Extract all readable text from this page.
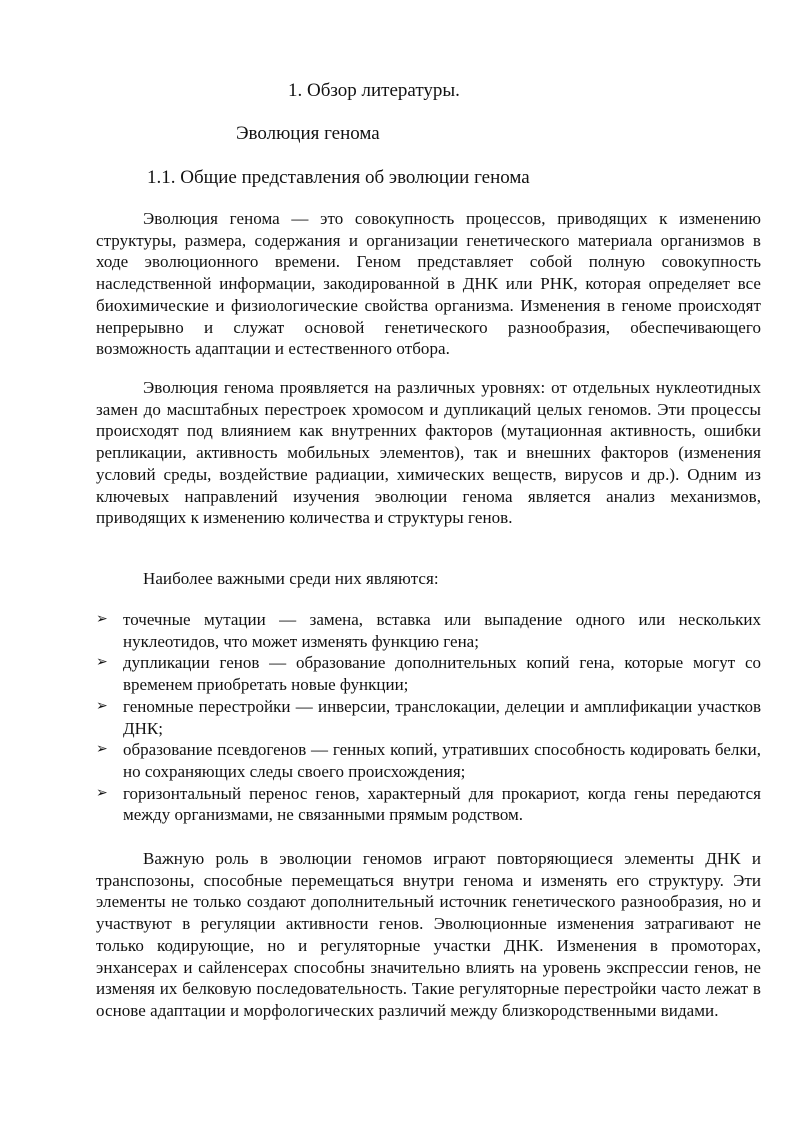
1. Обзор литературы.
Эволюция генома
1.1. Общие представления об эволюции генома

Эволюция генома — это совокупность процессов, приводящих к изменению структуры, размера, содержания и организации генетического материала организмов в ходе эволюционного времени. Геном представляет собой полную совокупность наследственной информации, закодированной в ДНК или РНК, которая определяет все биохимические и физиологические свойства организма. Изменения в геноме происходят непрерывно и служат основой генетического разнообразия, обеспечивающего возможность адаптации и естественного отбора.

Эволюция генома проявляется на различных уровнях: от отдельных нуклеотидных замен до масштабных перестроек хромосом и дупликаций целых геномов. Эти процессы происходят под влиянием как внутренних факторов (мутационная активность, ошибки репликации, активность мобильных элементов), так и внешних факторов (изменения условий среды, воздействие радиации, химических веществ, вирусов и др.). Одним из ключевых направлений изучения эволюции генома является анализ механизмов, приводящих к изменению количества и структуры генов.

Наиболее важными среди них являются:

➢ точечные мутации — замена, вставка или выпадение одного или нескольких нуклеотидов, что может изменять функцию гена;
➢ дупликации генов — образование дополнительных копий гена, которые могут со временем приобретать новые функции;
➢ геномные перестройки — инверсии, транслокации, делеции и амплификации участков ДНК;
➢ образование псевдогенов — генных копий, утративших способность кодировать белки, но сохраняющих следы своего происхождения;
➢ горизонтальный перенос генов, характерный для прокариот, когда гены передаются между организмами, не связанными прямым родством.

Важную роль в эволюции геномов играют повторяющиеся элементы ДНК и транспозоны, способные перемещаться внутри генома и изменять его структуру. Эти элементы не только создают дополнительный источник генетического разнообразия, но и участвуют в регуляции активности генов. Эволюционные изменения затрагивают не только кодирующие, но и регуляторные участки ДНК. Изменения в промоторах, энхансерах и сайленсерах способны значительно влиять на уровень экспрессии генов, не изменяя их белковую последовательность. Такие регуляторные перестройки часто лежат в основе адаптации и морфологических различий между близкородственными видами.
